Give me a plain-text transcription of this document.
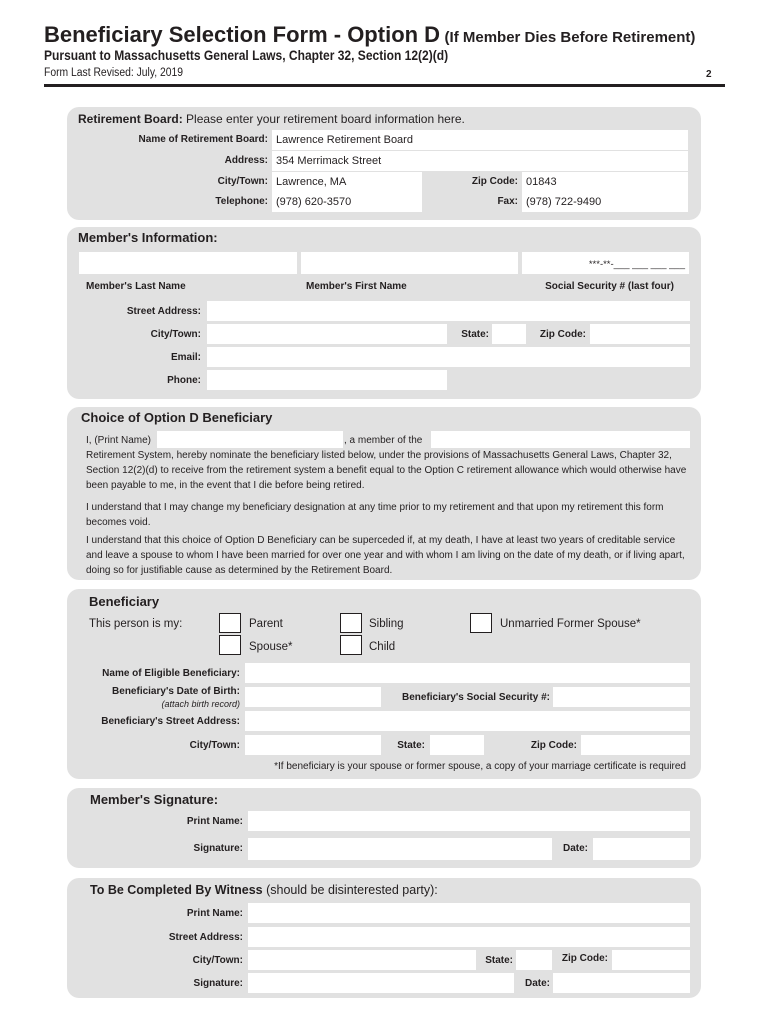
Beneficiary Selection Form - Option D (If Member Dies Before Retirement)
Pursuant to Massachusetts General Laws, Chapter 32, Section 12(2)(d)
Form Last Revised: July, 2019	2
Retirement Board: Please enter your retirement board information here.
Name of Retirement Board: Lawrence Retirement Board
Address: 354 Merrimack Street
City/Town: Lawrence, MA	Zip Code: 01843
Telephone: (978) 620-3570	Fax: (978) 722-9490
Member's Information:
***-**-___ ___ ___ ___
Member's Last Name	Member's First Name	Social Security # (last four)
Street Address:
City/Town:	State:	Zip Code:
Email:
Phone:
Choice of Option D Beneficiary
I, (Print Name)	, a member of the
Retirement System, hereby nominate the beneficiary listed below, under the provisions of Massachusetts General Laws, Chapter 32, Section 12(2)(d) to receive from the retirement system a benefit equal to the Option C retirement allowance which would otherwise have been payable to me, in the event that I die before being retired.
I understand that I may change my beneficiary designation at any time prior to my retirement and that upon my retirement this form becomes void.
I understand that this choice of Option D Beneficiary can be superceded if, at my death, I have at least two years of creditable service and leave a spouse to whom I have been married for over one year and with whom I am living on the date of my death, or if living apart, doing so for justifiable cause as determined by the Retirement Board.
Beneficiary
This person is my:	Parent
Spouse*
Sibling
Child
Unmarried Former Spouse*
Name of Eligible Beneficiary:
Beneficiary's Date of Birth:
(attach birth record)
Beneficiary's Social Security #:
Beneficiary's Street Address:
City/Town:	State:	Zip Code:
*If beneficiary is your spouse or former spouse, a copy of your marriage certificate is required
Member's Signature:
Print Name:
Signature:	Date:
To Be Completed By Witness (should be disinterested party):
Print Name:
Street Address:
City/Town:	State:	Zip Code:
Signature:	Date:
